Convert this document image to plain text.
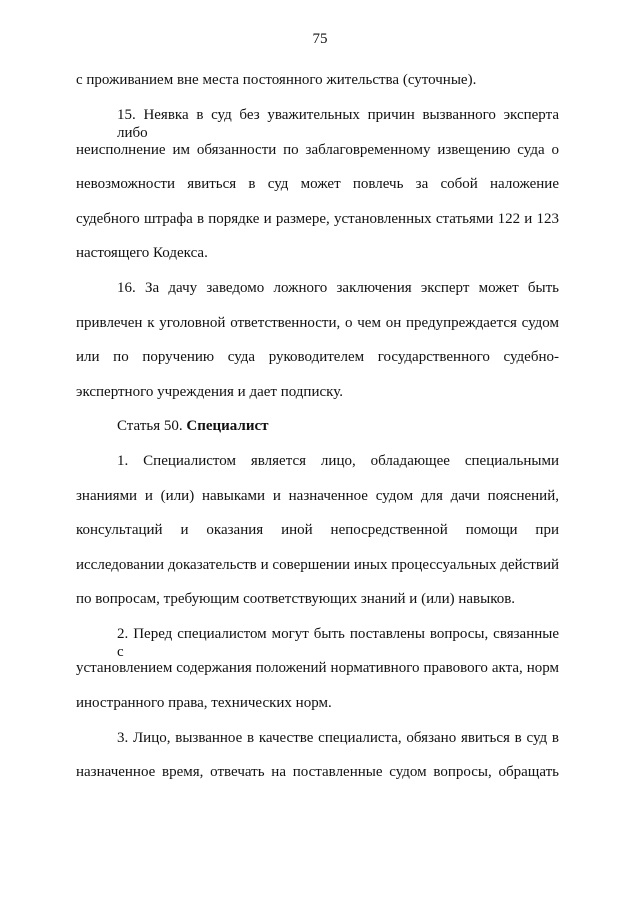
75
с проживанием вне места постоянного жительства (суточные).
15. Неявка в суд без уважительных причин вызванного эксперта либо
неисполнение им обязанности по заблаговременному извещению суда о
невозможности явиться в суд может повлечь за собой наложение
судебного штрафа в порядке и размере, установленных статьями 122 и 123
настоящего Кодекса.
16. За дачу заведомо ложного заключения эксперт может быть
привлечен к уголовной ответственности, о чем он предупреждается судом
или по поручению суда руководителем государственного судебно-
экспертного учреждения и дает подписку.
Статья 50. Специалист
1. Специалистом является лицо, обладающее специальными
знаниями и (или) навыками и назначенное судом для дачи пояснений,
консультаций и оказания иной непосредственной помощи при
исследовании доказательств и совершении иных процессуальных действий
по вопросам, требующим соответствующих знаний и (или) навыков.
2. Перед специалистом могут быть поставлены вопросы, связанные с
установлением содержания положений нормативного правового акта, норм
иностранного права, технических норм.
3. Лицо, вызванное в качестве специалиста, обязано явиться в суд в
назначенное время, отвечать на поставленные судом вопросы, обращать
